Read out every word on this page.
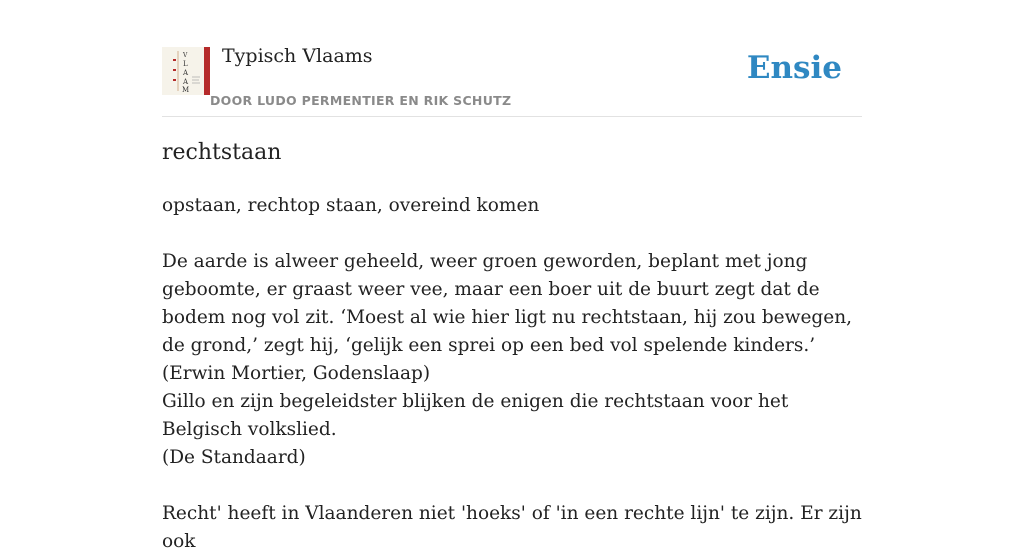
V
L
A
A
M
Typisch Vlaams
DOOR LUDO PERMENTIER EN RIK SCHUTZ
Ensie
rechtstaan

opstaan, rechtop staan, overeind komen

De aarde is alweer geheeld, weer groen geworden, beplant met jong geboomte, er graast weer vee, maar een boer uit de buurt zegt dat de bodem nog vol zit. ‘Moest al wie hier ligt nu rechtstaan, hij zou bewegen, de grond,’ zegt hij, ‘gelijk een sprei op een bed vol spelende kinders.’

(Erwin Mortier, Godenslaap)

Gillo en zijn begeleidster blijken de enigen die rechtstaan voor het Belgisch volkslied.

(De Standaard)

Recht' heeft in Vlaanderen niet 'hoeks' of 'in een rechte lijn' te zijn. Er zijn ook
